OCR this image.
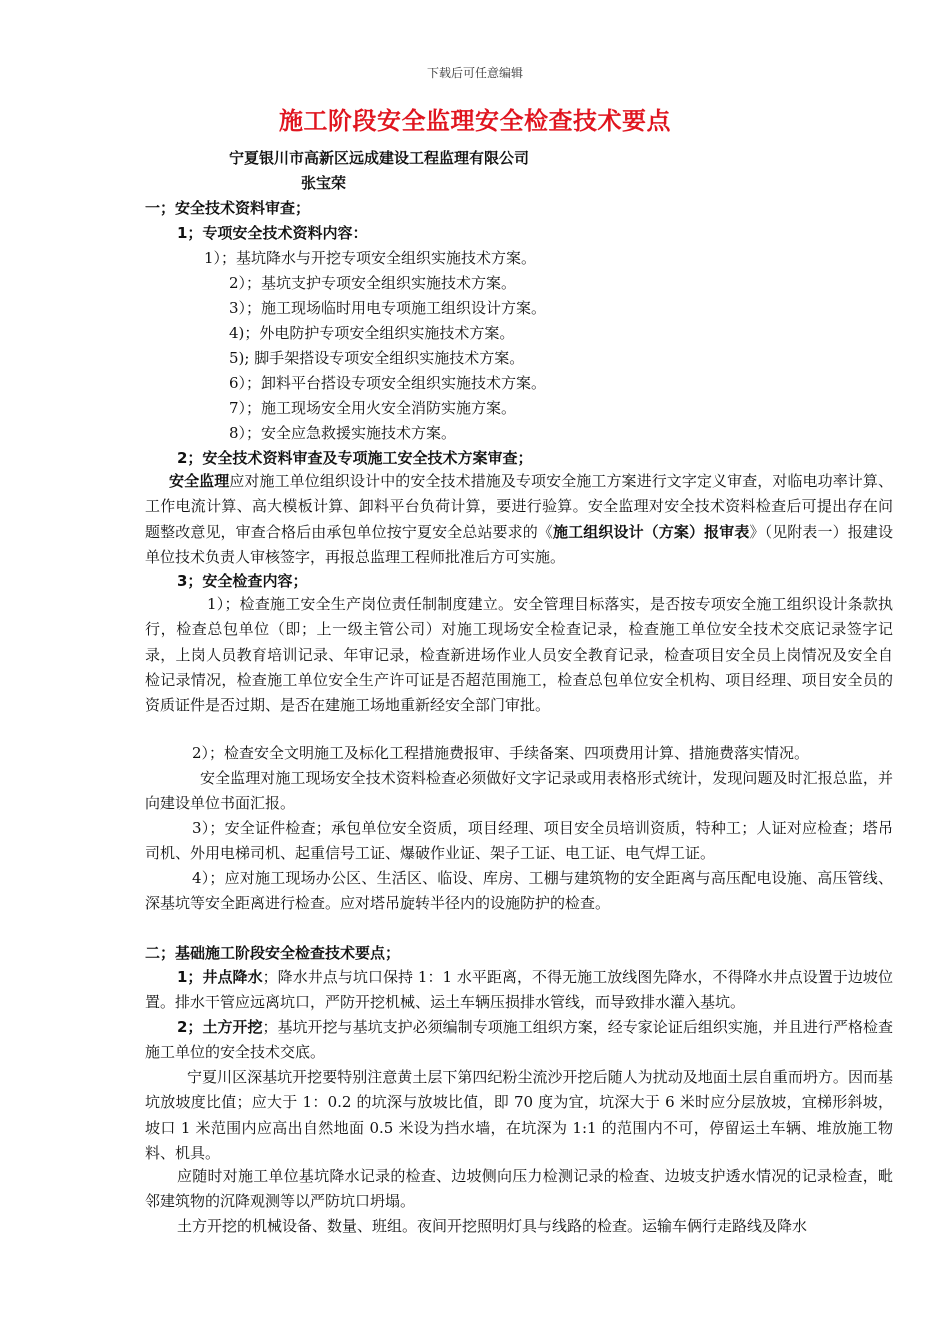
下载后可任意编辑
施工阶段安全监理安全检查技术要点
宁夏银川市高新区远成建设工程监理有限公司
张宝荣
一；安全技术资料审查；
1；专项安全技术资料内容：
1）；基坑降水与开挖专项安全组织实施技术方案。
2）；基坑支护专项安全组织实施技术方案。
3）；施工现场临时用电专项施工组织设计方案。
4)；外电防护专项安全组织实施技术方案。
5); 脚手架搭设专项安全组织实施技术方案。
6）；卸料平台搭设专项安全组织实施技术方案。
7）；施工现场安全用火安全消防实施方案。
8）；安全应急救援实施技术方案。
2；安全技术资料审查及专项施工安全技术方案审查；
安全监理应对施工单位组织设计中的安全技术措施及专项安全施工方案进行文字定义审查，对临电功率计算、工作电流计算、高大模板计算、卸料平台负荷计算，要进行验算。安全监理对安全技术资料检查后可提出存在问题整改意见，审查合格后由承包单位按宁夏安全总站要求的《施工组织设计（方案）报审表》（见附表一）报建设单位技术负责人审核签字，再报总监理工程师批准后方可实施。
3；安全检查内容；
1）；检查施工安全生产岗位责任制制度建立。安全管理目标落实，是否按专项安全施工组织设计条款执行，检查总包单位（即；上一级主管公司）对施工现场安全检查记录，检查施工单位安全技术交底记录签字记录，上岗人员教育培训记录、年审记录，检查新进场作业人员安全教育记录，检查项目安全员上岗情况及安全自检记录情况，检查施工单位安全生产许可证是否超范围施工，检查总包单位安全机构、项目经理、项目安全员的资质证件是否过期、是否在建施工场地重新经安全部门审批。
2）；检查安全文明施工及标化工程措施费报审、手续备案、四项费用计算、措施费落实情况。
安全监理对施工现场安全技术资料检查必须做好文字记录或用表格形式统计，发现问题及时汇报总监，并向建设单位书面汇报。
3）；安全证件检查；承包单位安全资质，项目经理、项目安全员培训资质，特种工；人证对应检查；塔吊司机、外用电梯司机、起重信号工证、爆破作业证、架子工证、电工证、电气焊工证。
4）；应对施工现场办公区、生活区、临设、库房、工棚与建筑物的安全距离与高压配电设施、高压管线、深基坑等安全距离进行检查。应对塔吊旋转半径内的设施防护的检查。
二；基础施工阶段安全检查技术要点；
1；井点降水；降水井点与坑口保持 1：1 水平距离，不得无施工放线图先降水，不得降水井点设置于边坡位置。排水干管应远离坑口，严防开挖机械、运土车辆压损排水管线，而导致排水灌入基坑。
2；土方开挖；基坑开挖与基坑支护必须编制专项施工组织方案，经专家论证后组织实施，并且进行严格检查施工单位的安全技术交底。
宁夏川区深基坑开挖要特别注意黄土层下第四纪粉尘流沙开挖后随人为扰动及地面土层自重而坍方。因而基坑放坡度比值；应大于 1：0.2 的坑深与放坡比值，即 70 度为宜，坑深大于 6 米时应分层放坡，宜梯形斜坡，坡口 1 米范围内应高出自然地面 0.5 米设为挡水墙，在坑深为 1:1 的范围内不可，停留运土车辆、堆放施工物料、机具。
应随时对施工单位基坑降水记录的检查、边坡侧向压力检测记录的检查、边坡支护透水情况的记录检查，毗邻建筑物的沉降观测等以严防坑口坍塌。
土方开挖的机械设备、数量、班组。夜间开挖照明灯具与线路的检查。运输车俩行走路线及降水
